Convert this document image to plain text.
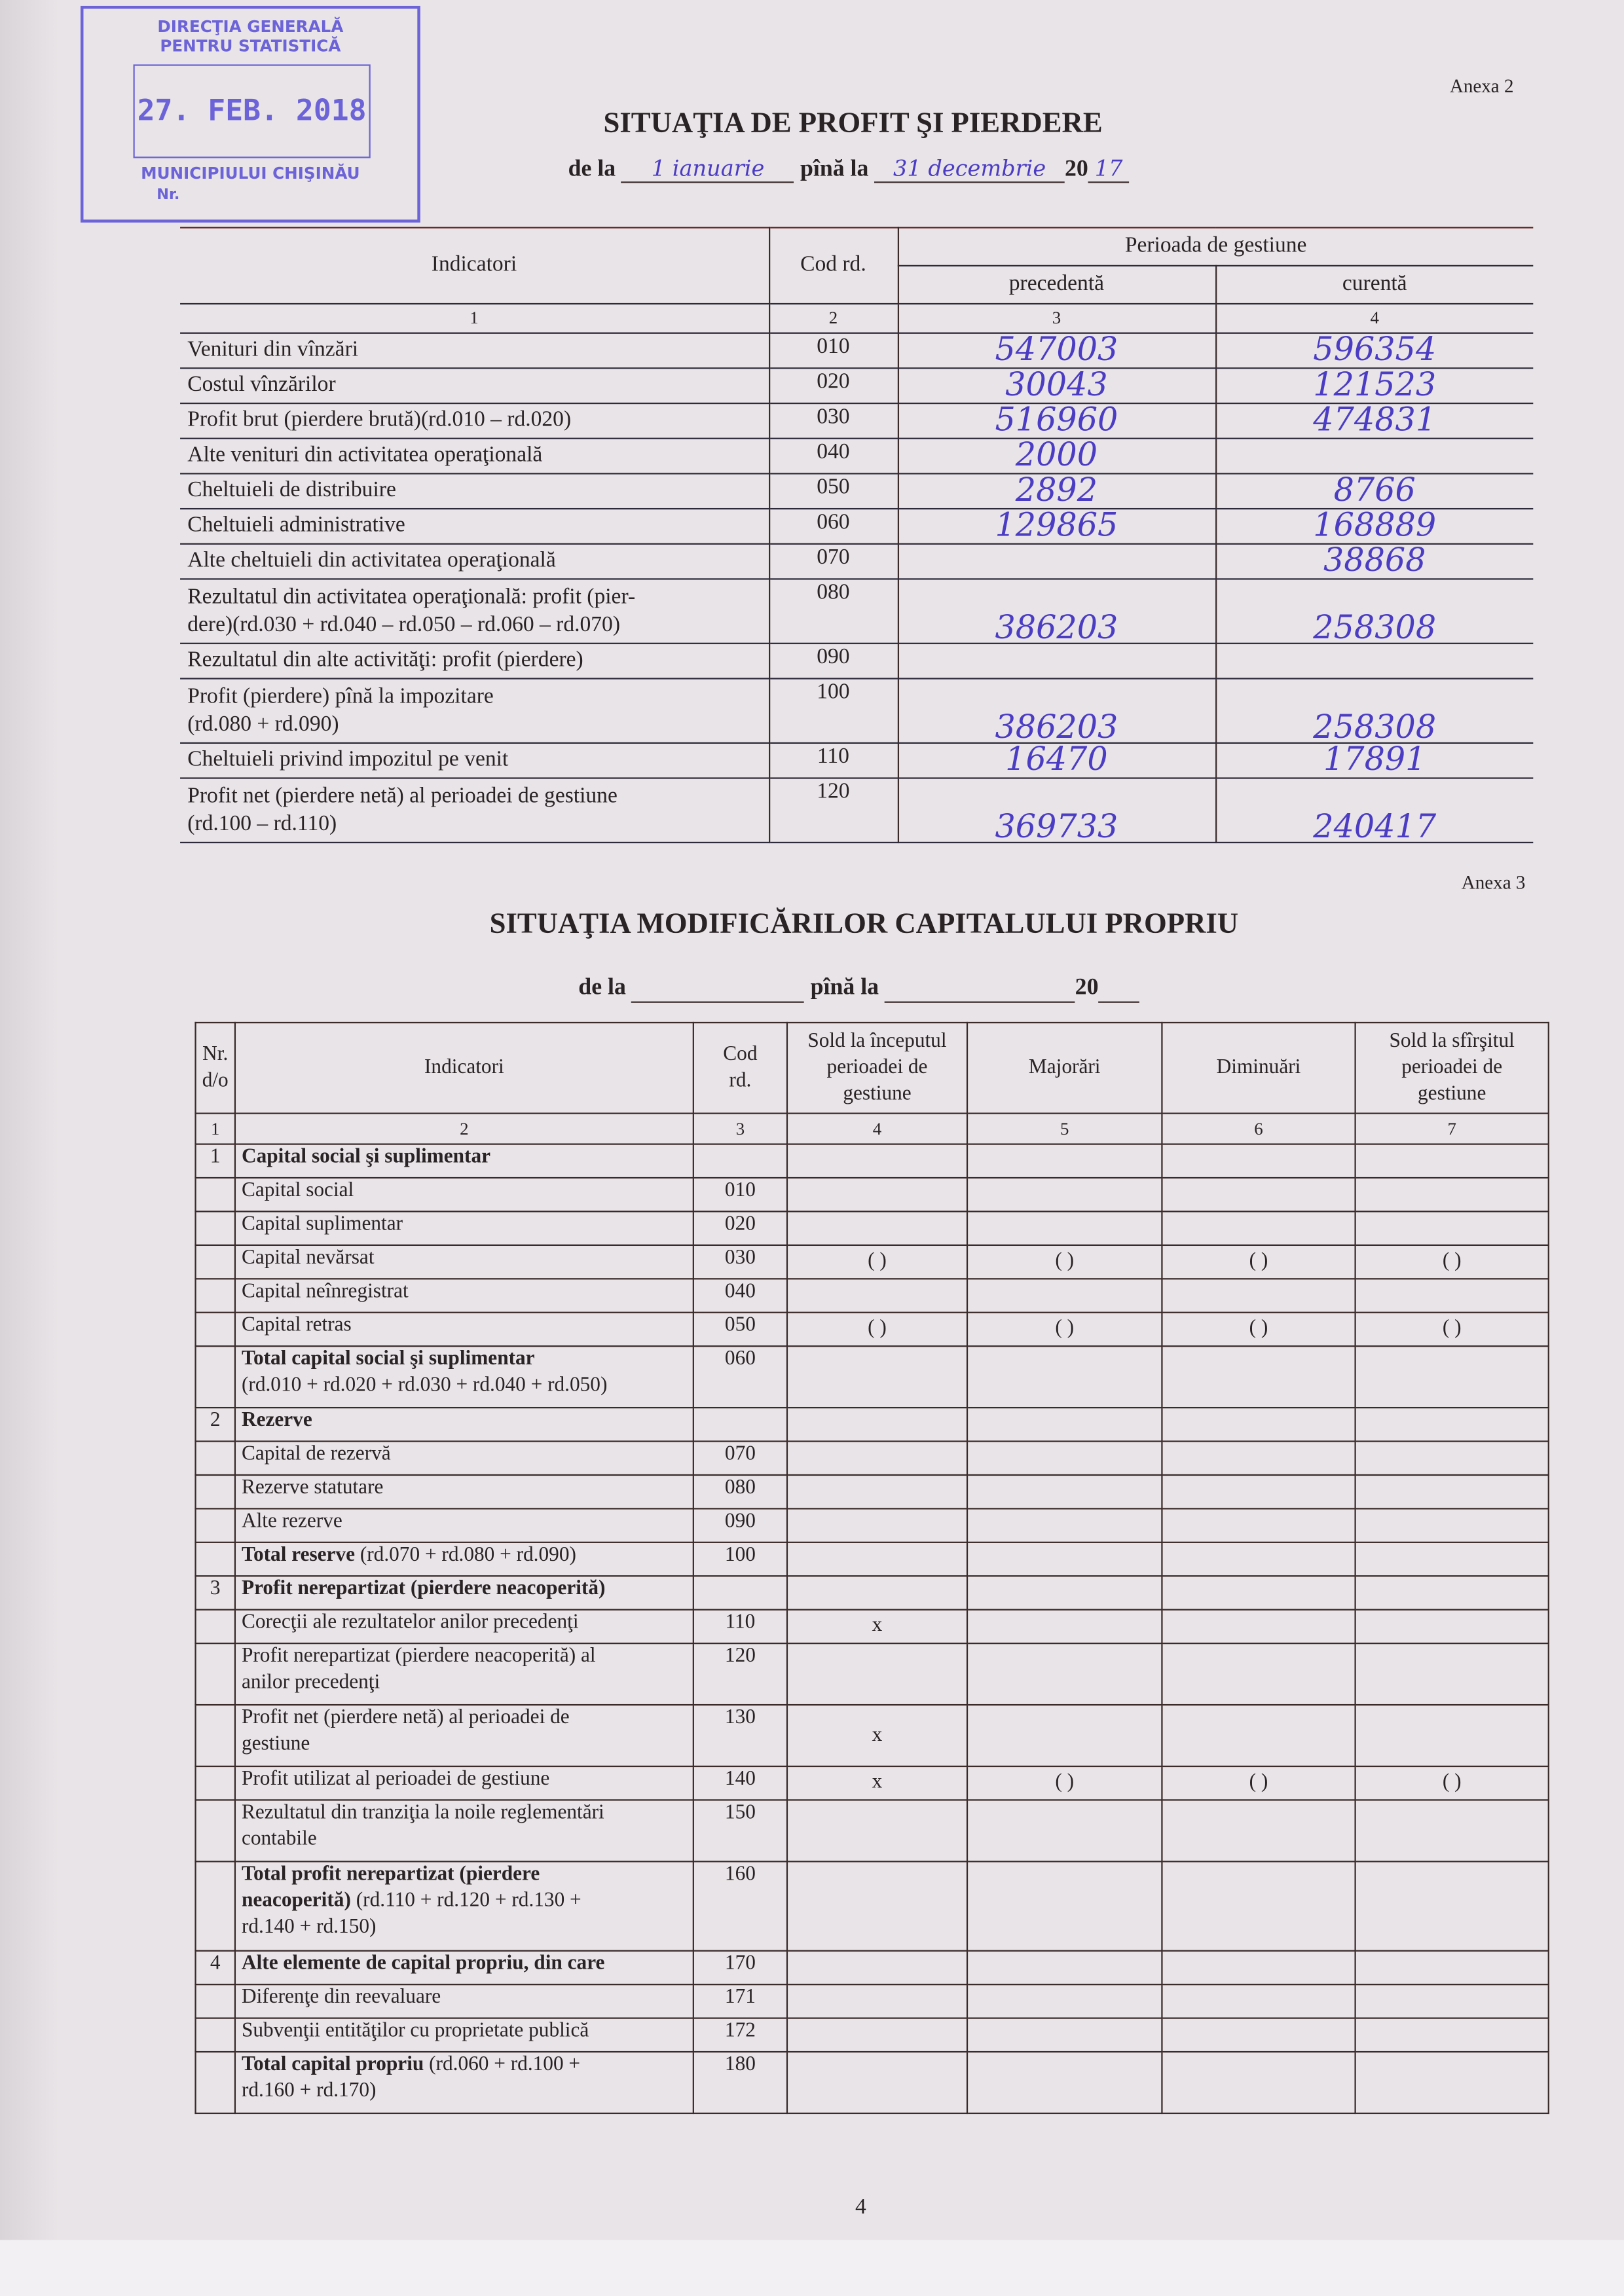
Anexa 2
SITUAŢIA DE PROFIT ŞI PIERDERE
de la	1 ianuarie	pînă la	31 decembrie 20 17
DIRECŢIA GENERALĂ
PENTRU STATISTICĂ
27. FEB. 2018
MUNICIPIULUI CHIŞINĂU
Nr.
Indicatori	Cod rd.	Perioada de gestiune	
		precedentă	curentă
1	2	3	4
Venituri din vînzări	010	547003	596354
Costul vînzărilor	020	30043	121523
Profit brut (pierdere brută)(rd.010 – rd.020)	030	516960	474831
Alte venituri din activitatea operaţională	040	2000	
Cheltuieli de distribuire	050	2892	8766
Cheltuieli administrative	060	129865	168889
Alte cheltuieli din activitatea operaţională	070		38868
Rezultatul din activitatea operaţională: profit (pier-
dere)(rd.030 + rd.040 – rd.050 – rd.060 – rd.070)	080	386203	258308
Rezultatul din alte activităţi: profit (pierdere)	090		
Profit (pierdere) pînă la impozitare
(rd.080 + rd.090)	100	386203	258308
Cheltuieli privind impozitul pe venit	110	16470	17891
Profit net (pierdere netă) al perioadei de gestiune
(rd.100 – rd.110)	120	369733	240417
Anexa 3
SITUAŢIA MODIFICĂRILOR CAPITALULUI PROPRIU
de la	pînă la	20
Nr.
d/o	Indicatori	Cod
rd.	Sold la începutul
perioadei de
gestiune	Majorări	Diminuări	Sold la sfîrşitul
perioadei de
gestiune
1	2	3	4	5	6	7
1	Capital social şi suplimentar					
	Capital social	010				
	Capital suplimentar	020				
	Capital nevărsat	030	( )	( )	( )	( )
	Capital neînregistrat	040				
	Capital retras	050	( )	( )	( )	( )
	Total capital social şi suplimentar
(rd.010 + rd.020 + rd.030 + rd.040 + rd.050)	060				
2	Rezerve					
	Capital de rezervă	070				
	Rezerve statutare	080				
	Alte rezerve	090				
	Total reserve (rd.070 + rd.080 + rd.090)	100				
3	Profit nerepartizat (pierdere neacoperită)					
	Corecţii ale rezultatelor anilor precedenţi	110	x			
	Profit nerepartizat (pierdere neacoperită) al
anilor precedenţi	120				
	Profit net (pierdere netă) al perioadei de
gestiune	130	x			
	Profit utilizat al perioadei de gestiune	140	x	( )	( )	( )
	Rezultatul din tranziţia la noile reglementări
contabile	150				
	Total profit nerepartizat (pierdere
neacoperită) (rd.110 + rd.120 + rd.130 +
rd.140 + rd.150)	160				
4	Alte elemente de capital propriu, din care	170				
	Diferenţe din reevaluare	171				
	Subvenţii entităţilor cu proprietate publică	172				
	Total capital propriu (rd.060 + rd.100 +
rd.160 + rd.170)	180				
4
